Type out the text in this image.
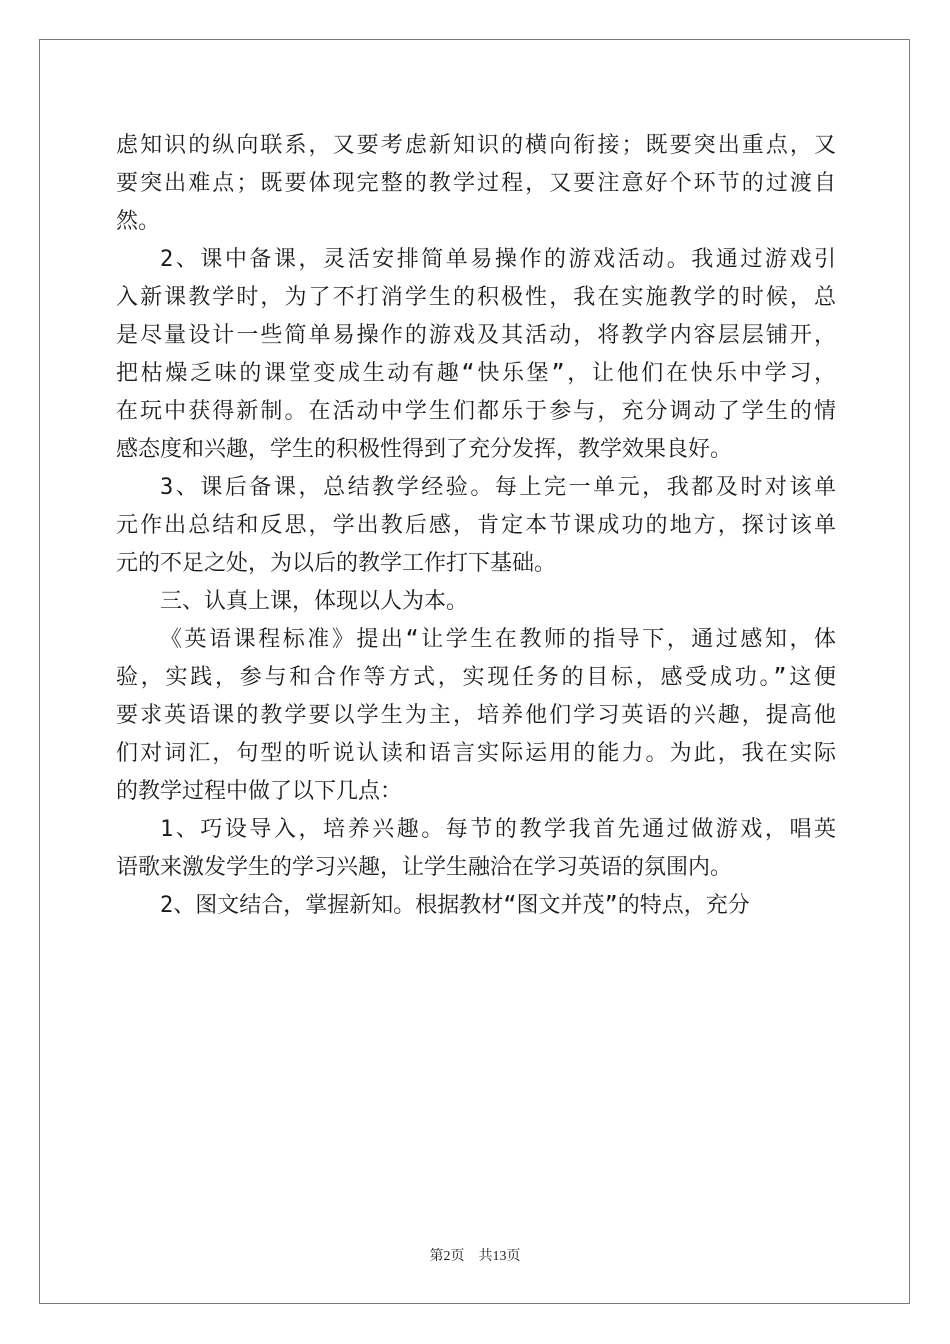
虑知识的纵向联系，又要考虑新知识的横向衔接；既要突出重点，又
要突出难点；既要体现完整的教学过程，又要注意好个环节的过渡自
然。
2、课中备课，灵活安排简单易操作的游戏活动。我通过游戏引
入新课教学时，为了不打消学生的积极性，我在实施教学的时候，总
是尽量设计一些简单易操作的游戏及其活动，将教学内容层层铺开，
把枯燥乏味的课堂变成生动有趣“快乐堡”，让他们在快乐中学习，
在玩中获得新制。在活动中学生们都乐于参与，充分调动了学生的情
感态度和兴趣，学生的积极性得到了充分发挥，教学效果良好。
3、课后备课，总结教学经验。每上完一单元，我都及时对该单
元作出总结和反思，学出教后感，肯定本节课成功的地方，探讨该单
元的不足之处，为以后的教学工作打下基础。
三、认真上课，体现以人为本。
《英语课程标准》提出“让学生在教师的指导下，通过感知，体
验，实践，参与和合作等方式，实现任务的目标，感受成功。”这便
要求英语课的教学要以学生为主，培养他们学习英语的兴趣，提高他
们对词汇，句型的听说认读和语言实际运用的能力。为此，我在实际
的教学过程中做了以下几点：
1、巧设导入，培养兴趣。每节的教学我首先通过做游戏，唱英
语歌来激发学生的学习兴趣，让学生融洽在学习英语的氛围内。
2、图文结合，掌握新知。根据教材“图文并茂”的特点，充分
第2页 共13页
